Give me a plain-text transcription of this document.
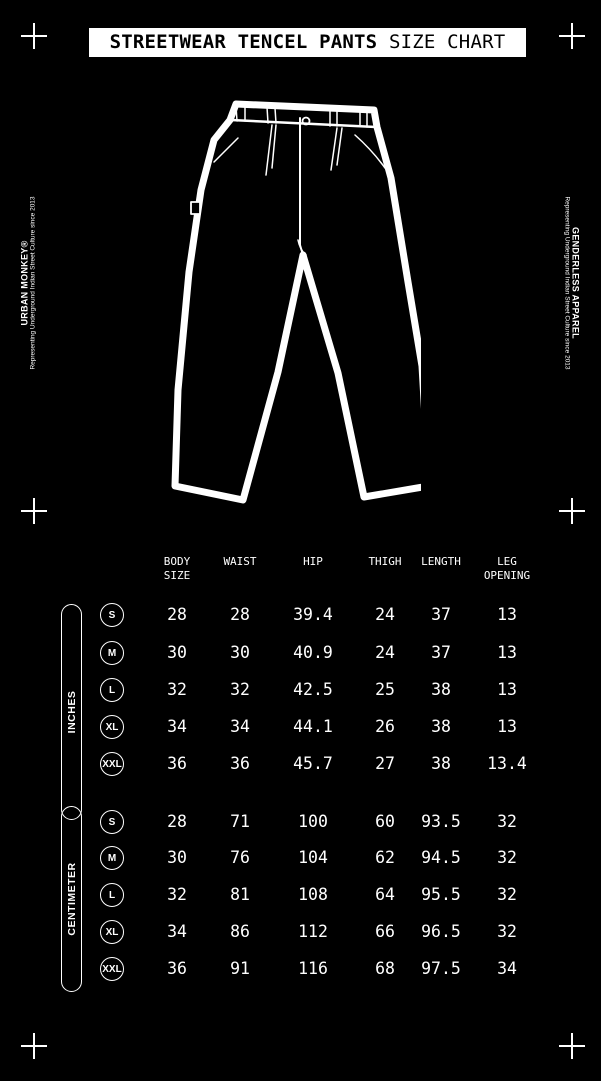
STREETWEAR TENCEL PANTS SIZE CHART
URBAN MONKEY® Representing Underground Indian Street Culture since 2013	GENDERLESS APPAREL
Representing Underground Indian Street Culture since 2013
BODY
SIZE
WAIST	HIP	THIGH	LENGTH	LEG
OPENING
INCHES
S	28	28	39.4	24	37	13
M	30	30	40.9	24	37	13
L	32	32	42.5	25	38	13
XL	34	34	44.1	26	38	13
XXL	36	36	45.7	27	38	13.4
CENTIMETER
S	28	71	100	60	93.5	32
M	30	76	104	62	94.5	32
L	32	81	108	64	95.5	32
XL	34	86	112	66	96.5	32
XXL	36	91	116	68	97.5	34
